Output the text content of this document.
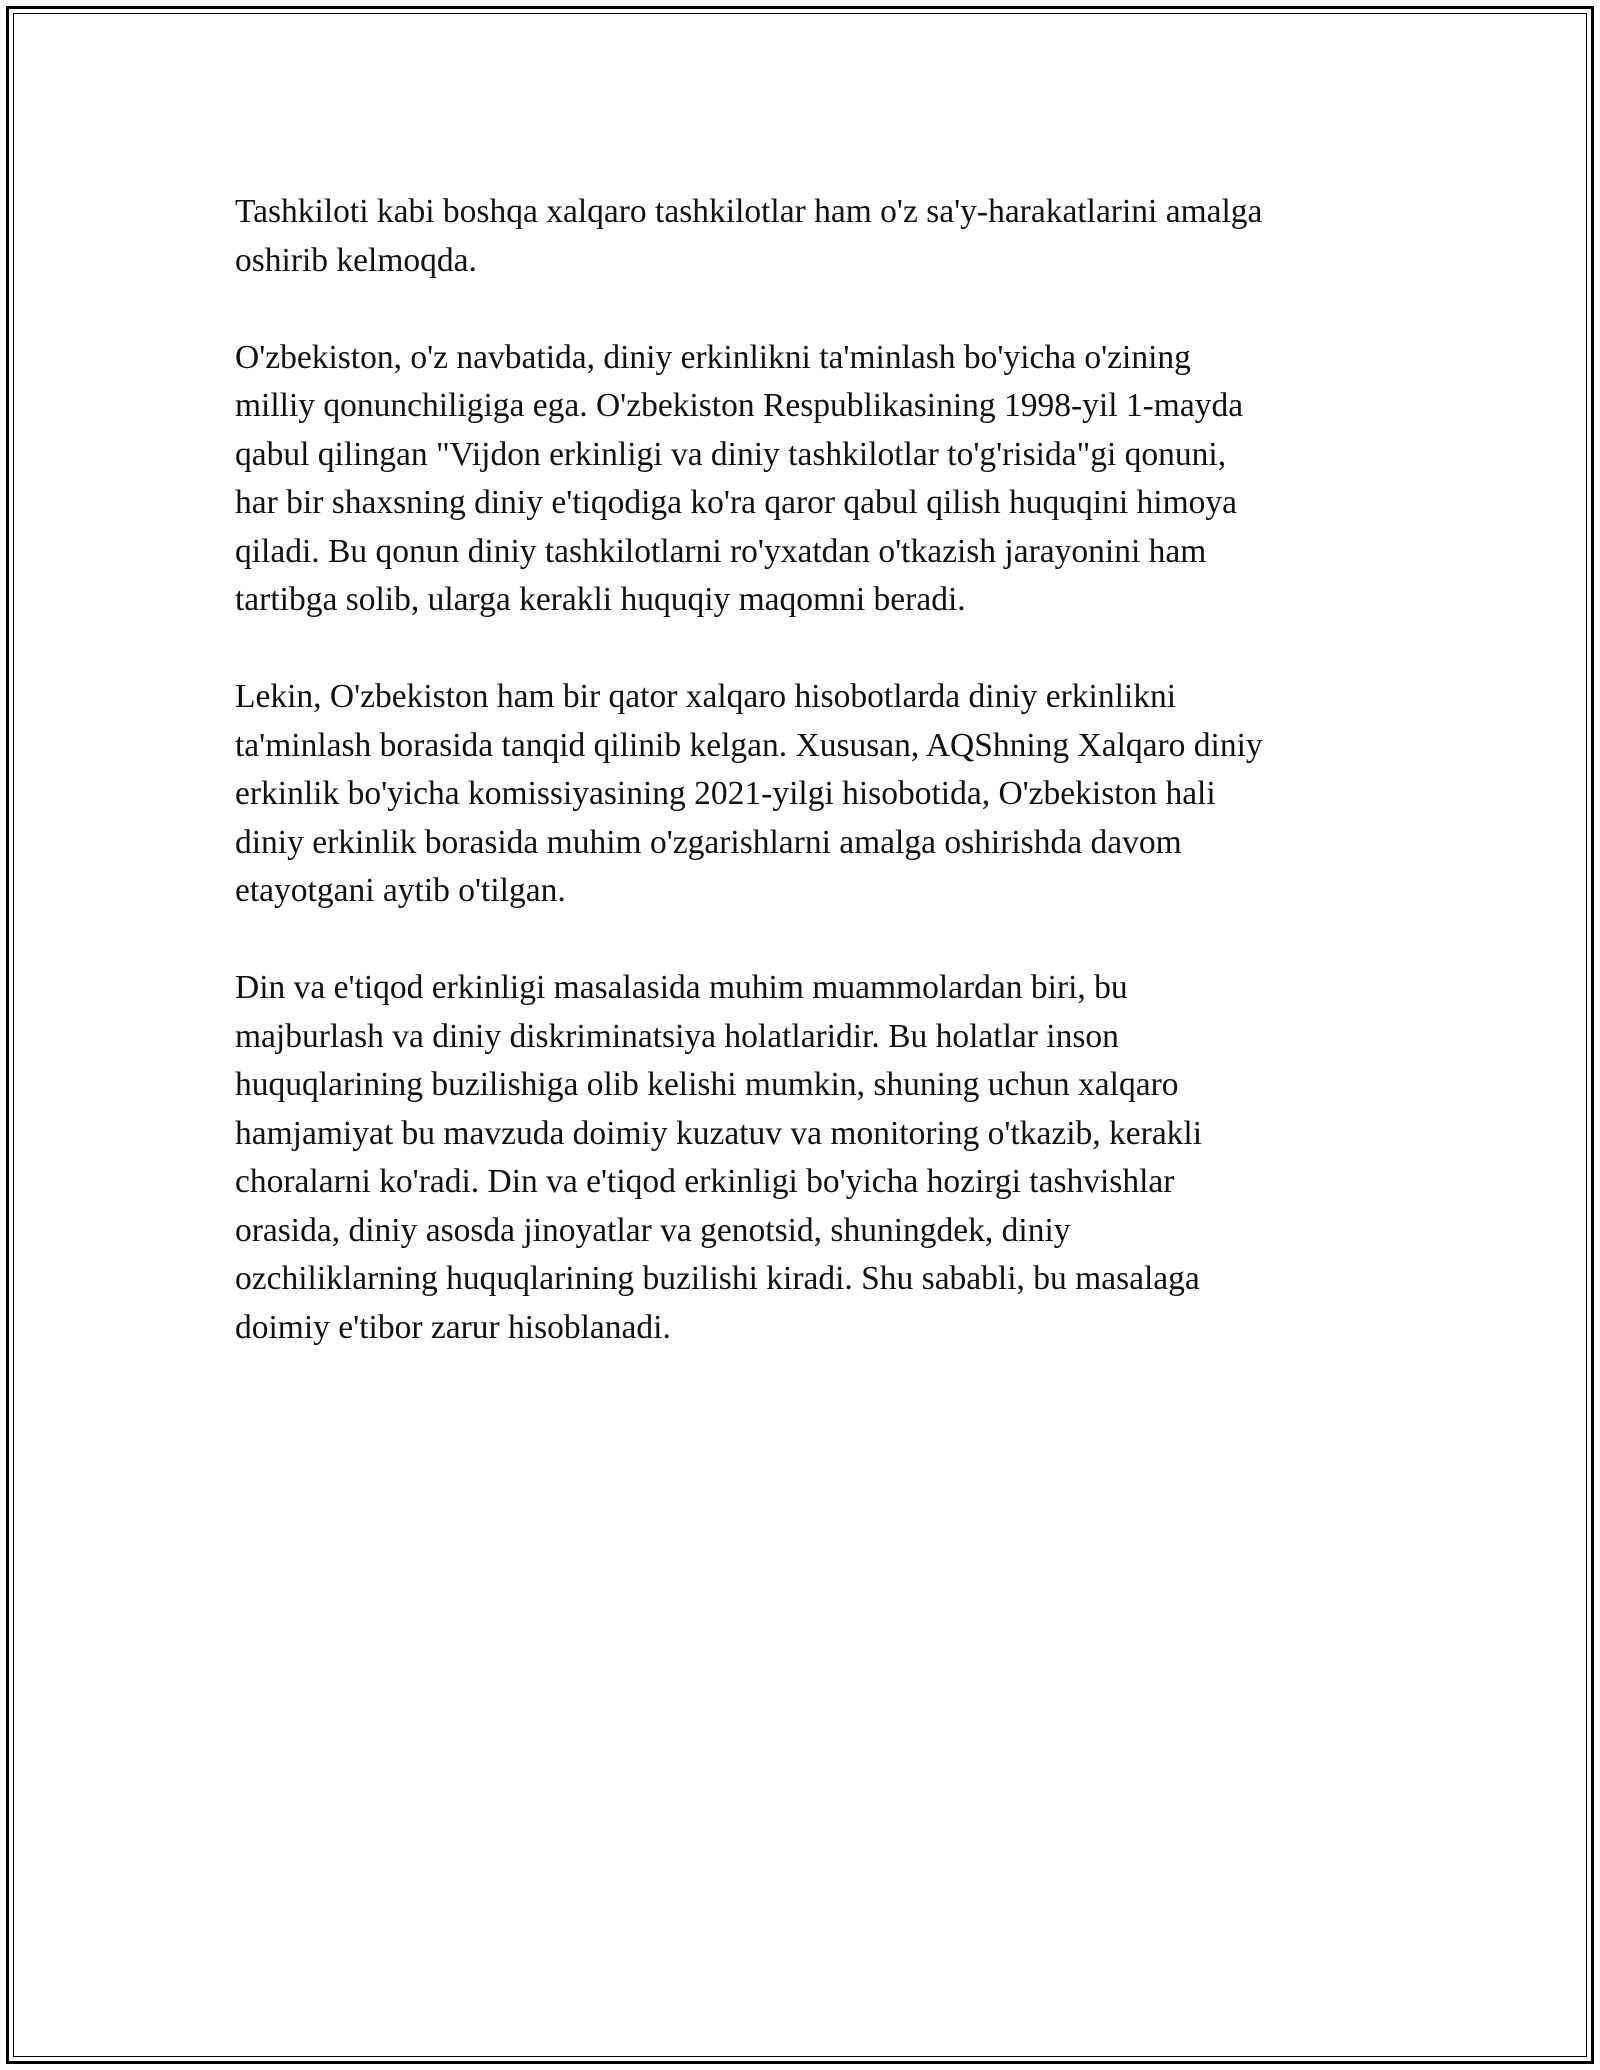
Tashkiloti kabi boshqa xalqaro tashkilotlar ham o'z sa'y-harakatlarini amalga
oshirib kelmoqda.

O'zbekiston, o'z navbatida, diniy erkinlikni ta'minlash bo'yicha o'zining
milliy qonunchiligiga ega. O'zbekiston Respublikasining 1998-yil 1-mayda
qabul qilingan "Vijdon erkinligi va diniy tashkilotlar to'g'risida"gi qonuni,
har bir shaxsning diniy e'tiqodiga ko'ra qaror qabul qilish huquqini himoya
qiladi. Bu qonun diniy tashkilotlarni ro'yxatdan o'tkazish jarayonini ham
tartibga solib, ularga kerakli huquqiy maqomni beradi.

Lekin, O'zbekiston ham bir qator xalqaro hisobotlarda diniy erkinlikni
ta'minlash borasida tanqid qilinib kelgan. Xususan, AQShning Xalqaro diniy
erkinlik bo'yicha komissiyasining 2021-yilgi hisobotida, O'zbekiston hali
diniy erkinlik borasida muhim o'zgarishlarni amalga oshirishda davom
etayotgani aytib o'tilgan.

Din va e'tiqod erkinligi masalasida muhim muammolardan biri, bu
majburlash va diniy diskriminatsiya holatlaridir. Bu holatlar inson
huquqlarining buzilishiga olib kelishi mumkin, shuning uchun xalqaro
hamjamiyat bu mavzuda doimiy kuzatuv va monitoring o'tkazib, kerakli
choralarni ko'radi. Din va e'tiqod erkinligi bo'yicha hozirgi tashvishlar
orasida, diniy asosda jinoyatlar va genotsid, shuningdek, diniy
ozchiliklarning huquqlarining buzilishi kiradi. Shu sababli, bu masalaga
doimiy e'tibor zarur hisoblanadi.
